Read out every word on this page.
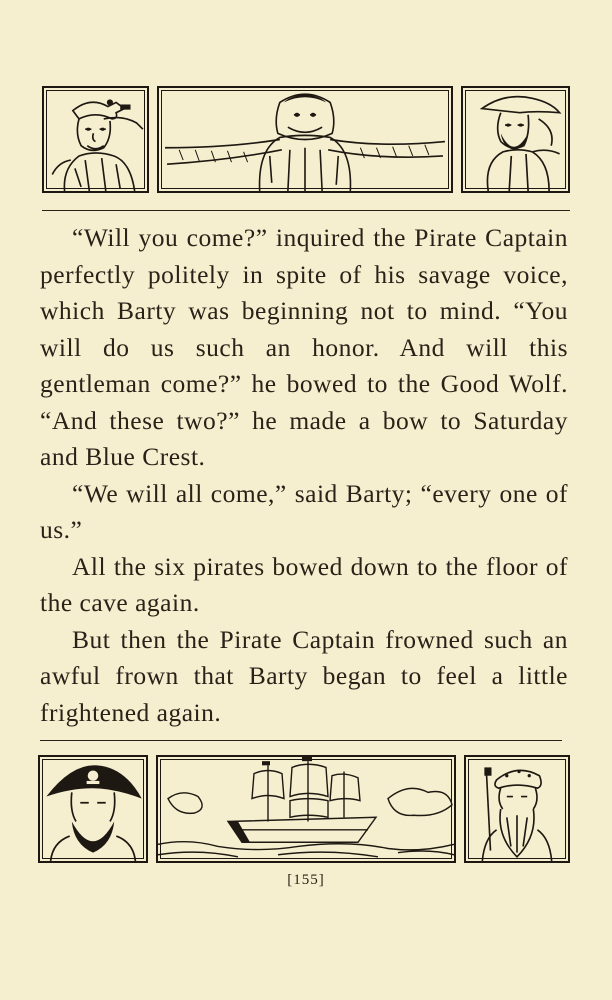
“Will you come?” inquired the Pirate Captain perfectly politely in spite of his savage voice, which Barty was beginning not to mind. “You will do us such an honor. And will this gentleman come?” he bowed to the Good Wolf. “And these two?” he made a bow to Saturday and Blue Crest.

“We will all come,” said Barty; “every one of us.”

All the six pirates bowed down to the floor of the cave again.

But then the Pirate Captain frowned such an awful frown that Barty began to feel a little frightened again.

[155]
